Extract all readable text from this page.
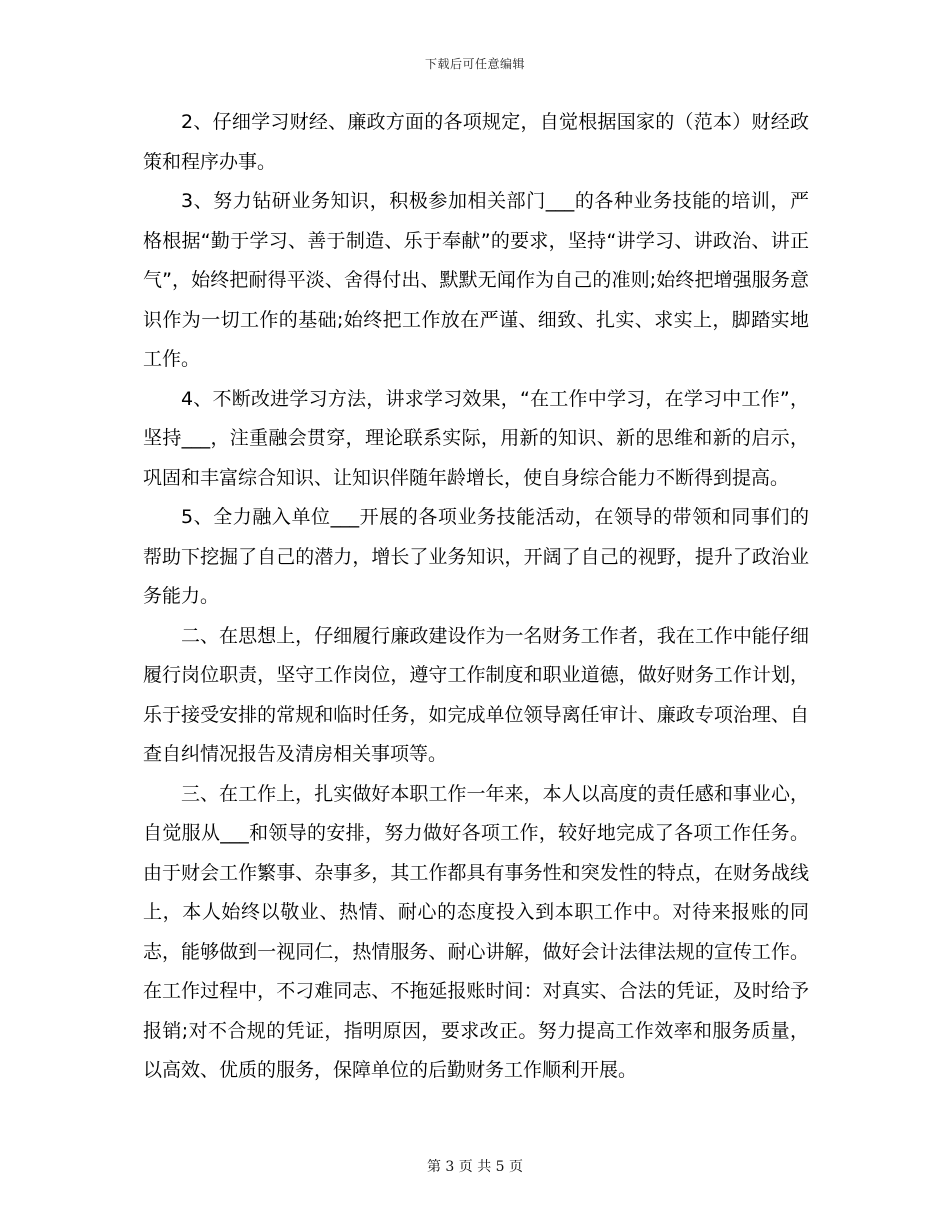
下载后可任意编辑

2、仔细学习财经、廉政方面的各项规定，自觉根据国家的（范本）财经政策和程序办事。

3、努力钻研业务知识，积极参加相关部门___的各种业务技能的培训，严格根据“勤于学习、善于制造、乐于奉献”的要求，坚持“讲学习、讲政治、讲正气”，始终把耐得平淡、舍得付出、默默无闻作为自己的准则;始终把增强服务意识作为一切工作的基础;始终把工作放在严谨、细致、扎实、求实上，脚踏实地工作。

4、不断改进学习方法，讲求学习效果，“在工作中学习，在学习中工作”，坚持___，注重融会贯穿，理论联系实际，用新的知识、新的思维和新的启示，巩固和丰富综合知识、让知识伴随年龄增长，使自身综合能力不断得到提高。

5、全力融入单位___开展的各项业务技能活动，在领导的带领和同事们的帮助下挖掘了自己的潜力，增长了业务知识，开阔了自己的视野，提升了政治业务能力。

二、在思想上，仔细履行廉政建设作为一名财务工作者，我在工作中能仔细履行岗位职责，坚守工作岗位，遵守工作制度和职业道德，做好财务工作计划，乐于接受安排的常规和临时任务，如完成单位领导离任审计、廉政专项治理、自查自纠情况报告及清房相关事项等。

三、在工作上，扎实做好本职工作一年来，本人以高度的责任感和事业心，自觉服从___和领导的安排，努力做好各项工作，较好地完成了各项工作任务。由于财会工作繁事、杂事多，其工作都具有事务性和突发性的特点，在财务战线上，本人始终以敬业、热情、耐心的态度投入到本职工作中。对待来报账的同志，能够做到一视同仁，热情服务、耐心讲解，做好会计法律法规的宣传工作。在工作过程中，不刁难同志、不拖延报账时间：对真实、合法的凭证，及时给予报销;对不合规的凭证，指明原因，要求改正。努力提高工作效率和服务质量，以高效、优质的服务，保障单位的后勤财务工作顺利开展。

第 3 页 共 5 页
